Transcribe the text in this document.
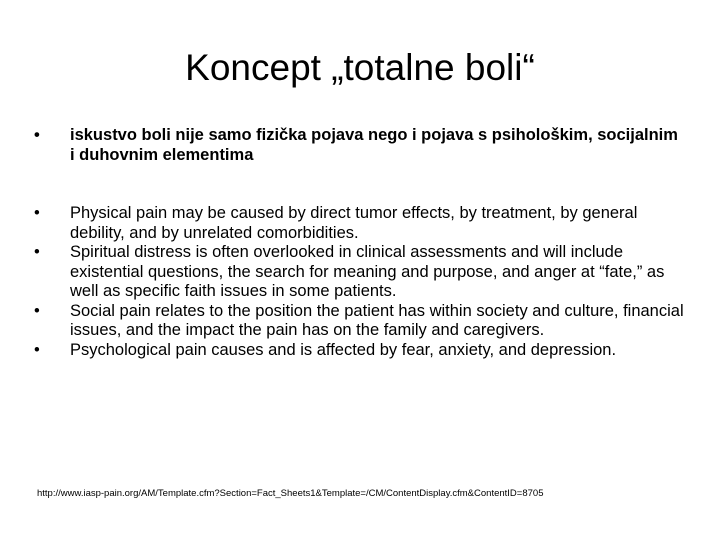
Koncept „totalne boli“
•	iskustvo boli nije samo fizička pojava nego i pojava s psihološkim, socijalnim i duhovnim elementima
•	Physical pain may be caused by direct tumor effects, by treatment, by general debility, and by unrelated comorbidities.
•	Spiritual distress is often overlooked in clinical assessments and will include existential questions, the search for meaning and purpose, and anger at “fate,” as well as specific faith issues in some patients.
•	Social pain relates to the position the patient has within society and culture, financial issues, and the impact the pain has on the family and caregivers.
•	Psychological pain causes and is affected by fear, anxiety, and depression.
http://www.iasp-pain.org/AM/Template.cfm?Section=Fact_Sheets1&Template=/CM/ContentDisplay.cfm&ContentID=8705
